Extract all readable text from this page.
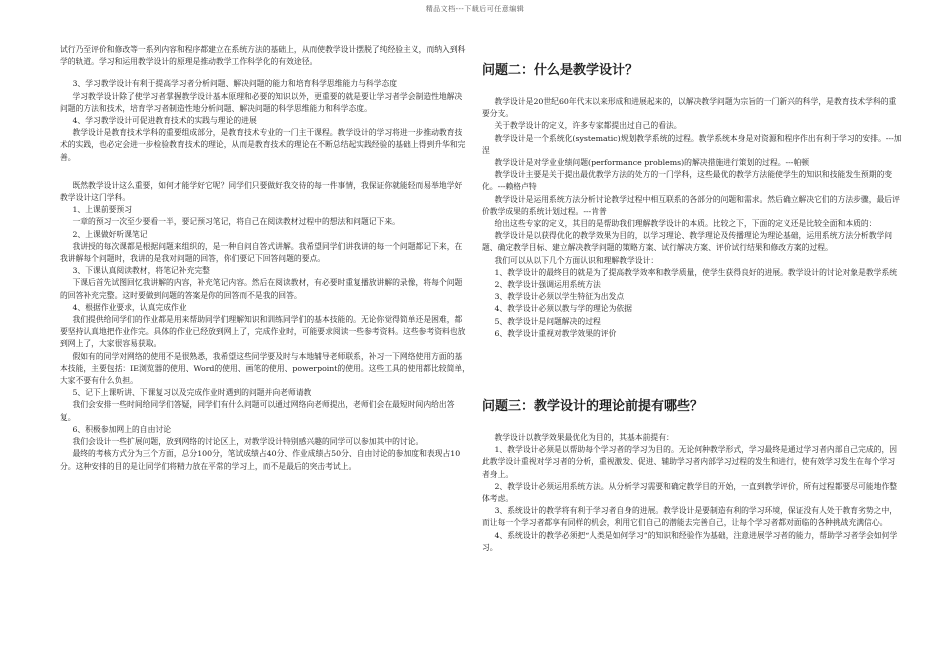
精品文档---下载后可任意编辑

试行乃至评价和修改等一系列内容和程序都建立在系统方法的基础上，从而使教学设计摆脱了纯经验主义，而纳入到科学的轨道。学习和运用教学设计的原理是推动教学工作科学化的有效途径。

3、学习教学设计有利于提高学习者分析问题、解决问题的能力和培育科学思维能力与科学态度

学习教学设计除了使学习者掌握教学设计基本原理和必要的知识以外，更重要的就是要让学习者学会制造性地解决问题的方法和技术，培育学习者制造性地分析问题、解决问题的科学思维能力和科学态度。

4、学习教学设计可促进教育技术的实践与理论的进展

教学设计是教育技术学科的重要组成部分，是教育技术专业的一门主干课程。教学设计的学习将进一步推动教育技术的实践，也必定会进一步检验教育技术的理论，从而是教育技术的理论在不断总结起实践经验的基础上得到升华和完善。

既然教学设计这么重要，如何才能学好它呢？同学们只要做好我交待的每一件事情，我保证你就能轻而易举地学好教学设计这门学科。

1、上课前要预习

一章的预习一次至少要看一半，要记预习笔记，将自己在阅读教材过程中的想法和问题记下来。

2、上课做好听课笔记

我讲授的每次课都是根据问题来组织的，是一种自问自答式讲解。我希望同学们讲我讲的每一个问题都记下来，在我讲解每个问题时，我讲的是我对问题的回答，你们要记下回答问题的要点。

3、下课认真阅读教材，将笔记补充完整

下课后首先试图回忆我讲解的内容，补充笔记内容。然后在阅读教材，有必要时重复播放讲解的录像，将每个问题的回答补充完整。这时要做到问题的答案是你的回答而不是我的回答。

4、根据作业要求，认真完成作业

我们提供给同学们的作业都是用来帮助同学们理解知识和训练同学们的基本技能的。无论你觉得简单还是困难，都要坚持认真地把作业作完。具体的作业已经放到网上了，完成作业时，可能要求阅读一些参考资料。这些参考资料也放到网上了，大家很容易获取。

假如有的同学对网络的使用不是很熟悉，我希望这些同学要及时与本地辅导老师联系，补习一下网络使用方面的基本技能，主要包括：IE浏览器的使用、Word的使用、画笔的使用、powerpoint的使用。这些工具的使用都比较简单，大家不要有什么负担。

5、记下上课听讲、下课复习以及完成作业时遇到的问题并向老师请教

我们会安排一些时间给同学们答疑，同学们有什么问题可以通过网络向老师提出，老师们会在最短时间内给出答复。

6、积极参加网上的自由讨论

我们会设计一些扩展问题，放到网络的讨论区上，对教学设计特别感兴趣的同学可以参加其中的讨论。

最终的考核方式分为三个方面，总分100分，笔试成绩占40分、作业成绩占50分、自由讨论的参加度和表现占10分。这种安排的目的是让同学们将精力放在平常的学习上，而不是最后的突击考试上。

问题二：什么是教学设计？

教学设计是20世纪60年代末以来形成和进展起来的，以解决教学问题为宗旨的一门新兴的科学，是教育技术学科的重要分支。

关于教学设计的定义，许多专家都提出过自己的看法。

教学设计是一个系统化(systematic)规划教学系统的过程。教学系统本身是对资源和程序作出有利于学习的安排。---加涅

教学设计是对学业业绩问题(performance problems)的解决措施进行策划的过程。---帕顿

教学设计主要是关于提出最优教学方法的处方的一门学科，这些最优的教学方法能使学生的知识和技能发生预期的变化。---赖格卢特

教学设计是运用系统方法分析讨论教学过程中相互联系的各部分的问题和需求。然后确立解决它们的方法步骤，最后评价教学成果的系统计划过程。---肯普

给出这些专家的定义，其目的是帮助我们理解教学设计的本质。比较之下，下面的定义还是比较全面和本质的：

教学设计是以获得优化的教学效果为目的，以学习理论、教学理论及传播理论为理论基础，运用系统方法分析教学问题、确定教学目标、建立解决教学问题的策略方案、试行解决方案、评价试行结果和修改方案的过程。

我们可以从以下几个方面认识和理解教学设计：

1、教学设计的最终目的就是为了提高教学效率和教学质量，使学生获得良好的进展。教学设计的讨论对象是教学系统

2、教学设计强调运用系统方法

3、教学设计必须以学生特征为出发点

4、教学设计必须以教与学的理论为依据

5、教学设计是问题解决的过程

6、教学设计重视对教学效果的评价

问题三：教学设计的理论前提有哪些？

教学设计以教学效果最优化为目的，其基本前提有：

1、教学设计必须是以帮助每个学习者的学习为目的。无论何种教学形式，学习最终是通过学习者内部自己完成的，因此教学设计重视对学习者的分析，重视激发、促进、辅助学习者内部学习过程的发生和进行，使有效学习发生在每个学习者身上。

2、教学设计必须运用系统方法。从分析学习需要和确定教学目的开始，一直到教学评价，所有过程都要尽可能地作整体考虑。

3、系统设计的教学将有利于学习者自身的进展。教学设计是要制造有利的学习环境，保证没有人处于教育劣势之中，而让每一个学习者都享有同样的机会，利用它们自己的潜能去完善自己，让每个学习者都对面临的各种挑战充满信心。

4、系统设计的教学必须把“人类是如何学习”的知识和经验作为基础，注意进展学习者的能力，帮助学习者学会如何学习。
